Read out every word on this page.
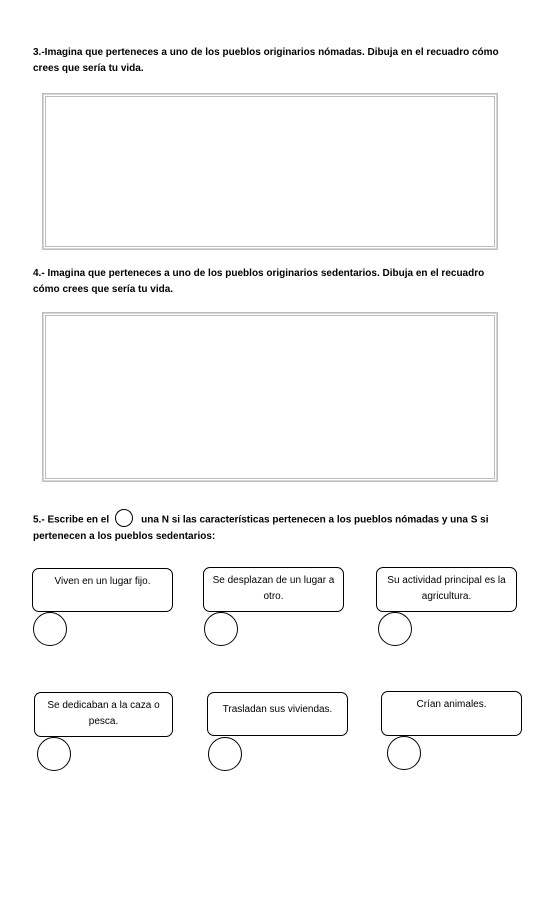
3.-Imagina que perteneces a uno de los pueblos originarios nómadas. Dibuja en el recuadro cómo crees que sería tu vida.

4.- Imagina que perteneces a uno de los pueblos originarios sedentarios. Dibuja en el recuadro cómo crees que sería tu vida.

5.- Escribe en el	una N si las características pertenecen a los pueblos nómadas y una S si pertenecen a los pueblos sedentarios:

Viven en un lugar fijo.	Se desplazan de un lugar a otro.
Su actividad principal es la agricultura.
Se dedicaban a la caza o pesca.
Trasladan sus viviendas.	Crían animales.
